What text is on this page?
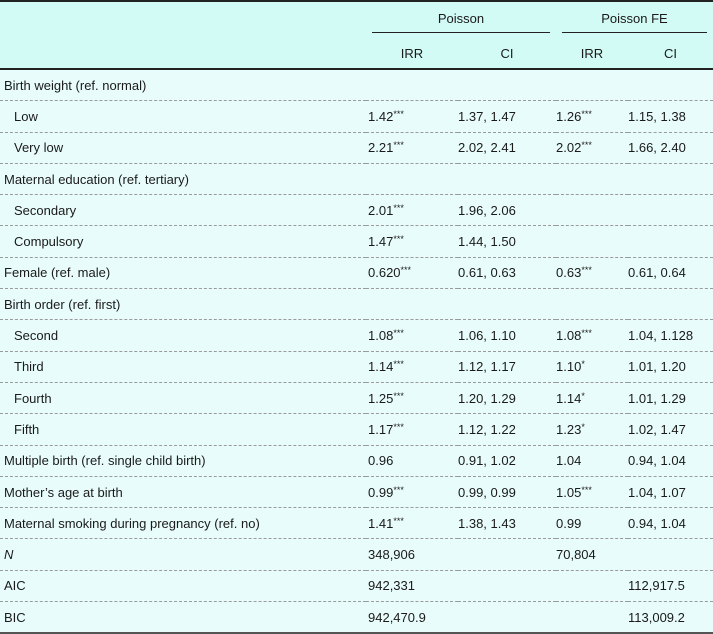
	Poisson		Poisson FE	

	IRR	CI	IRR	CI
Birth weight (ref. normal)				
Low	1.42***	1.37, 1.47	1.26***	1.15, 1.38
Very low	2.21***	2.02, 2.41	2.02***	1.66, 2.40
Maternal education (ref. tertiary)				
Secondary	2.01***	1.96, 2.06		
Compulsory	1.47***	1.44, 1.50		
Female (ref. male)	0.620***	0.61, 0.63	0.63***	0.61, 0.64
Birth order (ref. first)				
Second	1.08***	1.06, 1.10	1.08***	1.04, 1.128
Third	1.14***	1.12, 1.17	1.10*	1.01, 1.20
Fourth	1.25***	1.20, 1.29	1.14*	1.01, 1.29
Fifth	1.17***	1.12, 1.22	1.23*	1.02, 1.47
Multiple birth (ref. single child birth)	0.96	0.91, 1.02	1.04	0.94, 1.04
Mother’s age at birth	0.99***	0.99, 0.99	1.05***	1.04, 1.07
Maternal smoking during pregnancy (ref. no)	1.41***	1.38, 1.43	0.99	0.94, 1.04
N	348,906		70,804	
AIC	942,331			112,917.5
BIC	942,470.9			113,009.2
